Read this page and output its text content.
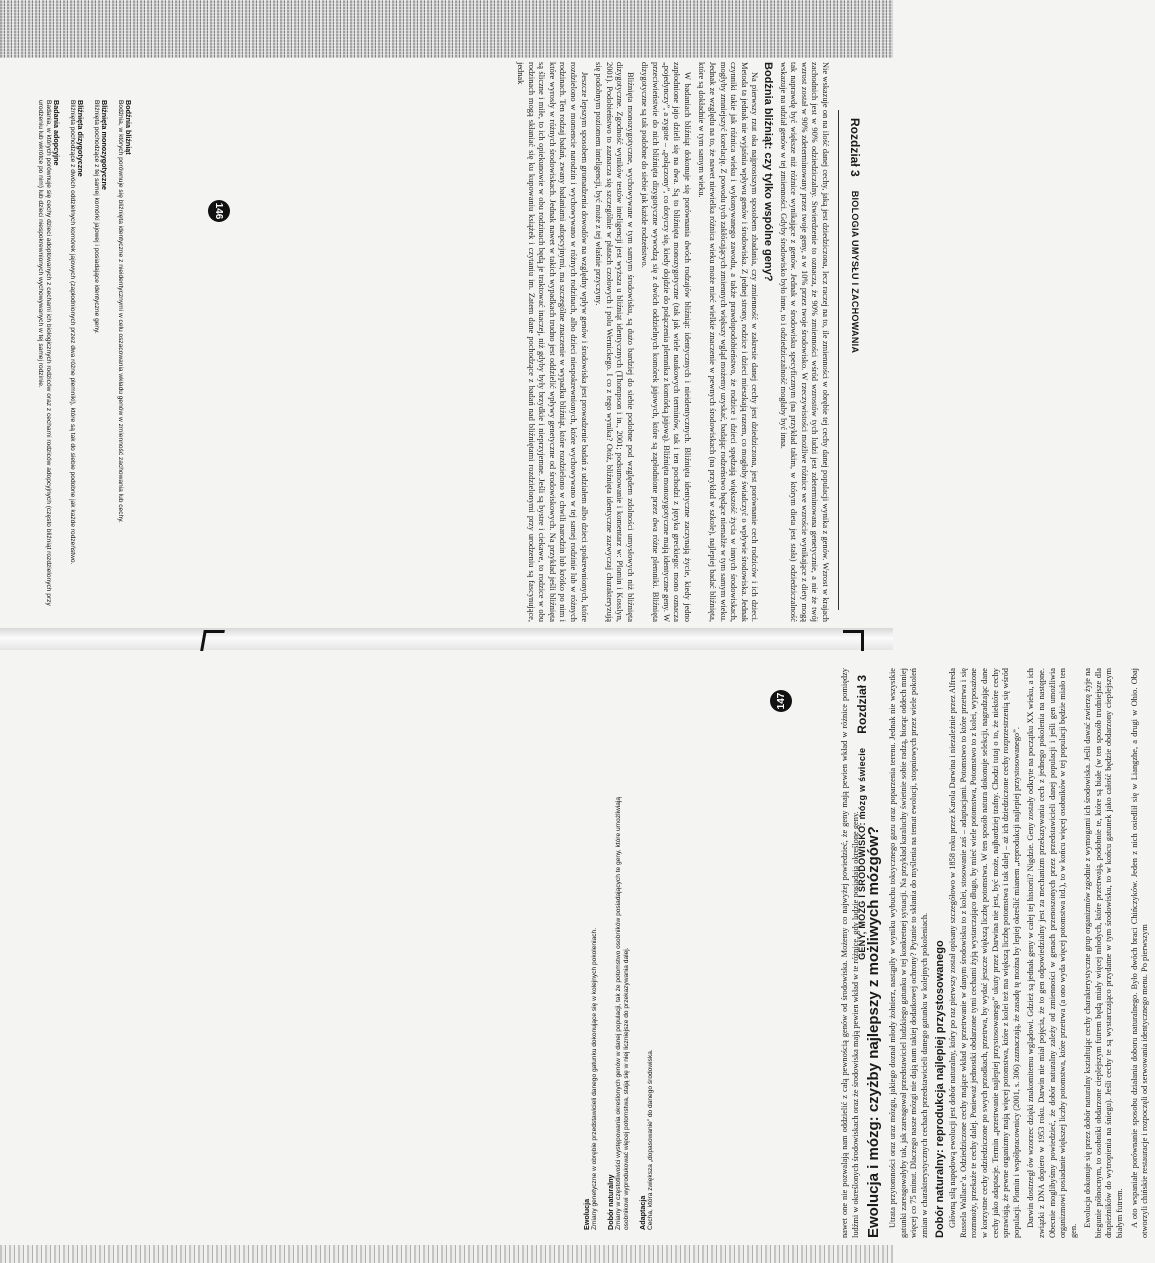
Rozdział 3
BIOLOGIA UMYSŁU I ZACHOWANIA

Nie wskazuje on na ilość danej cechy, jaką jest dziedziczona, lecz raczej na to, ile zmienności w obrębie tej cechy danej populacji wynika z genów. Wzrost w krajach zachodnich jest w 90% odziedziczalny. Stwierdzenie to oznacza, że 90% zmienności wśród wzrostów tych ludzi jest zdeterminowana genetycznie, a nie że twój wzrost został w 90% zdeterminowany przez twoje geny, a w 10% przez twoje środowisko. W rzeczywistości możliwe różnice we wzroście wynikające z diety mogą tak naprawdę być większe niż różnice wynikające z genów. Jednak w środowisku specyficznym (na przykład takim, w którym dieta jest stała) odziedziczalność wskazuje na udział genów w tej zmienności. Gdyby środowisko było inne, to i odziedziczalność mogłaby być inna.

Bodźnia bliźniąt: czy tylko wspólne geny?

Na pierwszy rzut oka najprostszym sposobem zbadania, czy zmienność w zakresie danej cechy jest dziedziczona, jest porównanie cech rodziców i ich dzieci. Metoda ta jednak nie wyjaśnia wpływu genów i środowiska. Z jednej strony, rodzice i dzieci mieszkają razem, co mogłoby świadczyć o wpływie środowiska. Jednak czynniki takie jak różnica wieku i wykonywanego zawodu, a także prawdopodobieństwo, że rodzice i dzieci spędzają większość życia w innych środowiskach, mogłyby zmniejszyć korelację. Z powodu tych zakłócających zmiennych większy wgląd możemy uzyskać, badając rodzeństwo będące niemalże w tym samym wieku. Jednak ze względu na to, że nawet niewielka różnica wieku może mieć wielkie znaczenie w pewnych środowiskach (na przykład w szkole), najlepiej badać bliźnięta, które są dokładnie w tym samym wieku.

W badaniach bliźniąt dokonuje się porównania dwóch rodzajów bliźniąt: identycznych i nieidentycznych. Bliźnięta identyczne zaczynają życie, kiedy jedno zapłodnione jajo dzieli się na dwa. Są to bliźnięta monozygotyczne (tak jak wiele naukowych terminów, tak i ten pochodzi z języka greckiego: mono oznacza „pojedynczy”, a zygote – „połączony”, co dotyczy się, kiedy dojdzie do połączenia plemnika z komórką jajową). Bliźnięta monozygotyczne mają identyczne geny. W przeciwieństwie do nich bliźnięta dizygotyczne wywodzą się z dwóch oddzielnych komórek jajowych, które są zapłodnione przez dwa różne plemniki. Bliźnięta dizygotyczne są tak podobne do siebie jak każde rodzeństwo.

Bliźnięta monozygotyczne, wychowywane w tym samym środowisku, są dużo bardziej do siebie podobne pod względem zdolności umysłowych niż bliźnięta dizygotyczne. Zgodność wyników testów inteligencji jest wyższa u bliźniąt identycznych (Thompson i in., 2001; podsumowanie i komentarz w: Plomin i Kosslyn, 2001). Podobieństwo to zaznacza się szczególnie w płatach czołowych i polu Wernickego. I co z tego wynika? Otóż, bliźnięta identyczne zazwyczaj charakteryzują się podobnym poziomem inteligencji, być może z tej właśnie przyczyny.

Jeszcze lepszym sposobem gromadzenia dowodów na względny wpływ genów i środowiska jest prowadzenie badań z udziałem albo dzieci spokrewnionych, które rozdzielono w momencie narodzin i wychowywano w różnych rodzinach, albo dzieci niespokrewnionych, które wychowywano w tej samej rodzinie lub w różnych rodzinach. Ten rodzaj badań, zwany badaniami adopcyjnymi, ma szczególne znaczenie w wypadku bliźniąt, które rozdzielono w chwili narodzin lub krótko po nim i które wyrosły w różnych środowiskach. Jednak nawet w takich wypadkach trudno jest oddzielić wpływy genetyczne od środowiskowych. Na przykład jeśli bliźnięta są śliczne i miłe, to ich opiekunowie w obu rodzinach będą je traktować inaczej, niż gdyby były brzydkie i nieprzyjemne. Jeśli są bystre i ciekawe, to rodzice w obu rodzinach mogą skłaniać się ku kupowaniu książek i czytaniu im. Zatem dane pochodzące z badań nad bliźniętami rozdzielonymi przy urodzeniu są fascynujące, jednak

Bodźnia bliźniąt
Bodźnia, w których porównuje się bliźnięta identyczne z nieidentycznymi w celu oszacowania wkładu genów w zmienność zachowania lub cechy.
Bliźnięta monozygotyczne
Bliźnięta pochodzące z tej samej komórki jajowej i posiadające identyczne geny.
Bliźnięta dizygotyczne
Bliźnięta pochodzące z dwóch oddzielnych komórek jajowych (zapłodnionych przez dwa różne plemniki), które są tak do siebie podobne jak każde rodzeństwo.
Badania adopcyjne
Badania, w których porównuje się cechy dzieci adoptowanych z cechami ich biologicznych rodziców oraz z cechami rodziców adopcyjnych (często bliźniąt rozdzielonych przy urodzeniu lub wkrótce po nim) lub dzieci niespokrewnionych wychowywanych w tej samej rodzinie.	146
GENY, MÓZG I ŚRODOWISKO: mózg w świecie
Rozdział 3
Ewolucja Zmiany genetyczne w obrębie przedstawicieli danego gatunku dokonujące się w kolejnych pokoleniach. Dobór naturalny Zmiany w częstotliwości występowania określonych genów w danej populacji, tak że potomstwo osobników posiadających te geny, które umożliwiają osobnikowi wyprodukować więcej potomstwa, stają się w niej liczniejsze do przekazywania dalej. Adaptacja Cecha, która zwiększa „dopasowanie” do danego środowiska.	nawet one nie pozwalają nam oddzielić z całą pewnością genów od środowiska. Możemy co najwyżej powiedzieć, że geny mają pewien wkład w różnice pomiędzy ludźmi w określonych środowiskach oraz że środowiska mają pewien wkład w te różnice, gdy ludzie posiadają określone geny. Ewolucja i mózg: czyżby najlepszy z możliwych mózgów? Utrata przytomności oraz uraz mózgu, jakiego doznał młody żołnierz, nastąpiły w wyniku wybuchu toksycznego gazu oraz poparzenia terenu. Jednak nie wszystkie gatunki zareagowałyby tak, jak zareagował przedstawiciel ludzkiego gatunku w tej konkretnej sytuacji. Na przykład karaluchy świetnie sobie radzą, biorąc oddech mniej więcej co 75 minut. Dlaczego nasze mózgi nie dają nam takiej dodatkowej ochrony? Pytanie to skłania do myślenia na temat ewolucji, stopniowych przez wiele pokoleń zmian w charakterystycznych cechach przedstawicieli danego gatunku w kolejnych pokoleniach. Dobór naturalny: reprodukcja najlepiej przystosowanego Główną siłą napędową ewolucji jest dobór naturalny, który po raz pierwszy został opisany szczegółowo w 1858 roku przez Karola Darwina i niezależnie przez Alfreda Russela Wallace’a. Odziedziczone cechy mające wkład w przetrwanie w danym środowisku to z kolei, stosowanie zaś – adaptacjami. Potomstwo to które przetrwa i się rozmnoży, przekaże te cechy dalej. Ponieważ jednostki obdarzone tymi cechami żyją wystarczająco długo, by mieć wiele potomstwa, Potomstwo to z kolei, wyposażone w korzystne cechy odziedziczone po swych przodkach, przetrwa, by wydać jeszcze większą liczbę potomstwa. W ten sposób natura dokonuje selekcji, nagradzając dane cechy jako adaptacje. Termin „przetrwanie najlepiej przystosowanego” ukuty przez Darwina nie jest, być może, najbardziej trafny. Chodzi tutaj o to, że niektóre cechy sprawiają, że pewne organizmy mają więcej potomstwa, które z kolei też ma większą liczbę potomstwa i tak dalej – aż ich dziedziczone cechy rozprzestrzenią się wśród populacji. Plomin i współpracownicy (2001, s. 306) zaznaczają, że zasadę tę można by lepiej określić mianem „reprodukcji najlepiej przystosowanego”. Darwin dostrzegł ów wzorzec dzięki znakomitemu wglądowi. Gdzież są jednak geny w całej tej historii? Nigdzie. Geny zostały odkryte na początku XX wieku, a ich związki z DNA dopiero w 1953 roku. Darwin nie miał pojęcia, że to gen odpowiedzialny jest za mechanizm przekazywania cech z jednego pokolenia na następne. Obecnie moglibyśmy powiedzieć, że dobór naturalny zależy od zmienności w genach przenoszonych przez przedstawicieli danej populacji i jeśli gen umożliwia organizmowi posiadanie większej liczby potomstwa, które przetrwa (a ono wyda więcej potomstwa itd.), to w końcu więcej osobników w tej populacji będzie miało ten gen.

Ewolucja dokonuje się przez dobór naturalny kształtując cechy charakterystyczne grup organizmów zgodnie z wymogami ich środowiska. Jeśli dawać zwierzę żyje na biegunie północnym, to osobniki obdarzone cieplejszym futrem będą miały więcej młodych, które przetrwają, podobnie te, które są białe (w ten sposób trudniejsze dla drapieżników do wytropienia na śniegu). Jeśli cechy te są wystarczająco przydatne w tym środowisku, to w końcu gatunek jako całość będzie obdarzony cieplejszym białym futrem. A oto wspaniałe porównanie sposobu działania doboru naturalnego. Było dwóch braci Chińczyków. Jeden z nich osiedlił się w Liangzhe, a drugi w Ohio. Obaj otworzyli chińskie restauracje i rozpoczęli od serwowania identycznego menu. Po pierwszym

147
